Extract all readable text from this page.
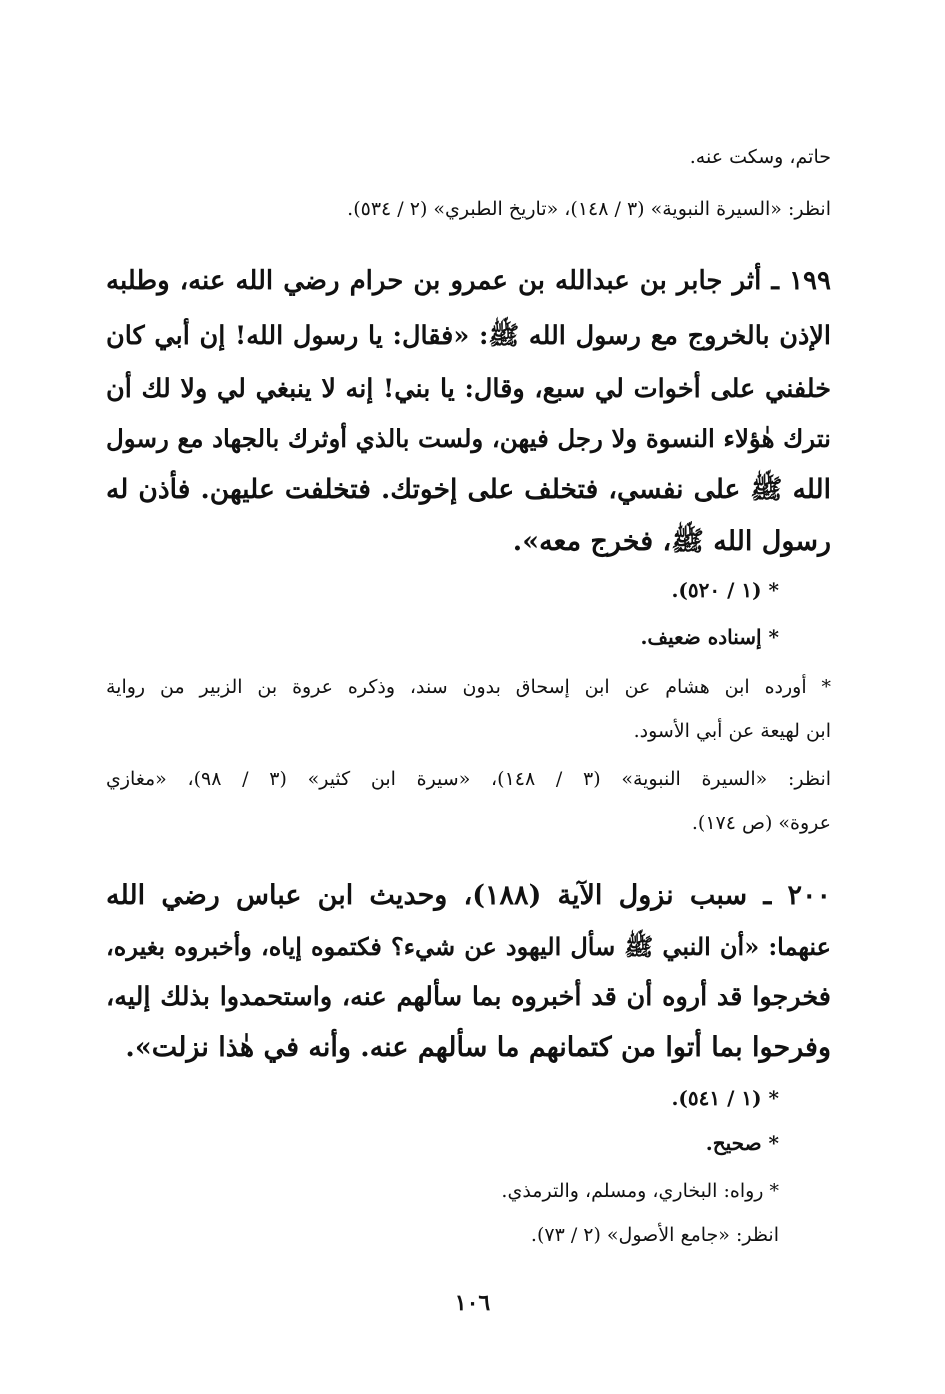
حاتم، وسكت عنه.
انظر: «السيرة النبوية» (٣ / ١٤٨)، «تاريخ الطبري» (٢ / ٥٣٤).
١٩٩ ـ أثر جابر بن عبدالله بن عمرو بن حرام رضي الله عنه، وطلبه
الإذن بالخروج مع رسول الله ﷺ: «فقال: يا رسول الله! إن أبي كان
خلفني على أخوات لي سبع، وقال: يا بني! إنه لا ينبغي لي ولا لك أن
نترك هٰؤلاء النسوة ولا رجل فيهن، ولست بالذي أوثرك بالجهاد مع رسول
الله ﷺ على نفسي، فتخلف على إخوتك. فتخلفت عليهن. فأذن له
رسول الله ﷺ، فخرج معه».
* (١ / ٥٢٠).
* إسناده ضعيف.
* أورده ابن هشام عن ابن إسحاق بدون سند، وذكره عروة بن الزبير من رواية
ابن لهيعة عن أبي الأسود.
انظر: «السيرة النبوية» (٣ / ١٤٨)، «سيرة ابن كثير» (٣ / ٩٨)، «مغازي
عروة» (ص ١٧٤).
٢٠٠ ـ سبب نزول الآية (١٨٨)، وحديث ابن عباس رضي الله
عنهما: «أن النبي ﷺ سأل اليهود عن شيء؟ فكتموه إياه، وأخبروه بغيره،
فخرجوا قد أروه أن قد أخبروه بما سألهم عنه، واستحمدوا بذلك إليه،
وفرحوا بما أتوا من كتمانهم ما سألهم عنه. وأنه في هٰذا نزلت».
* (١ / ٥٤١).
* صحيح.
* رواه: البخاري، ومسلم، والترمذي.
انظر: «جامع الأصول» (٢ / ٧٣).
١٠٦
